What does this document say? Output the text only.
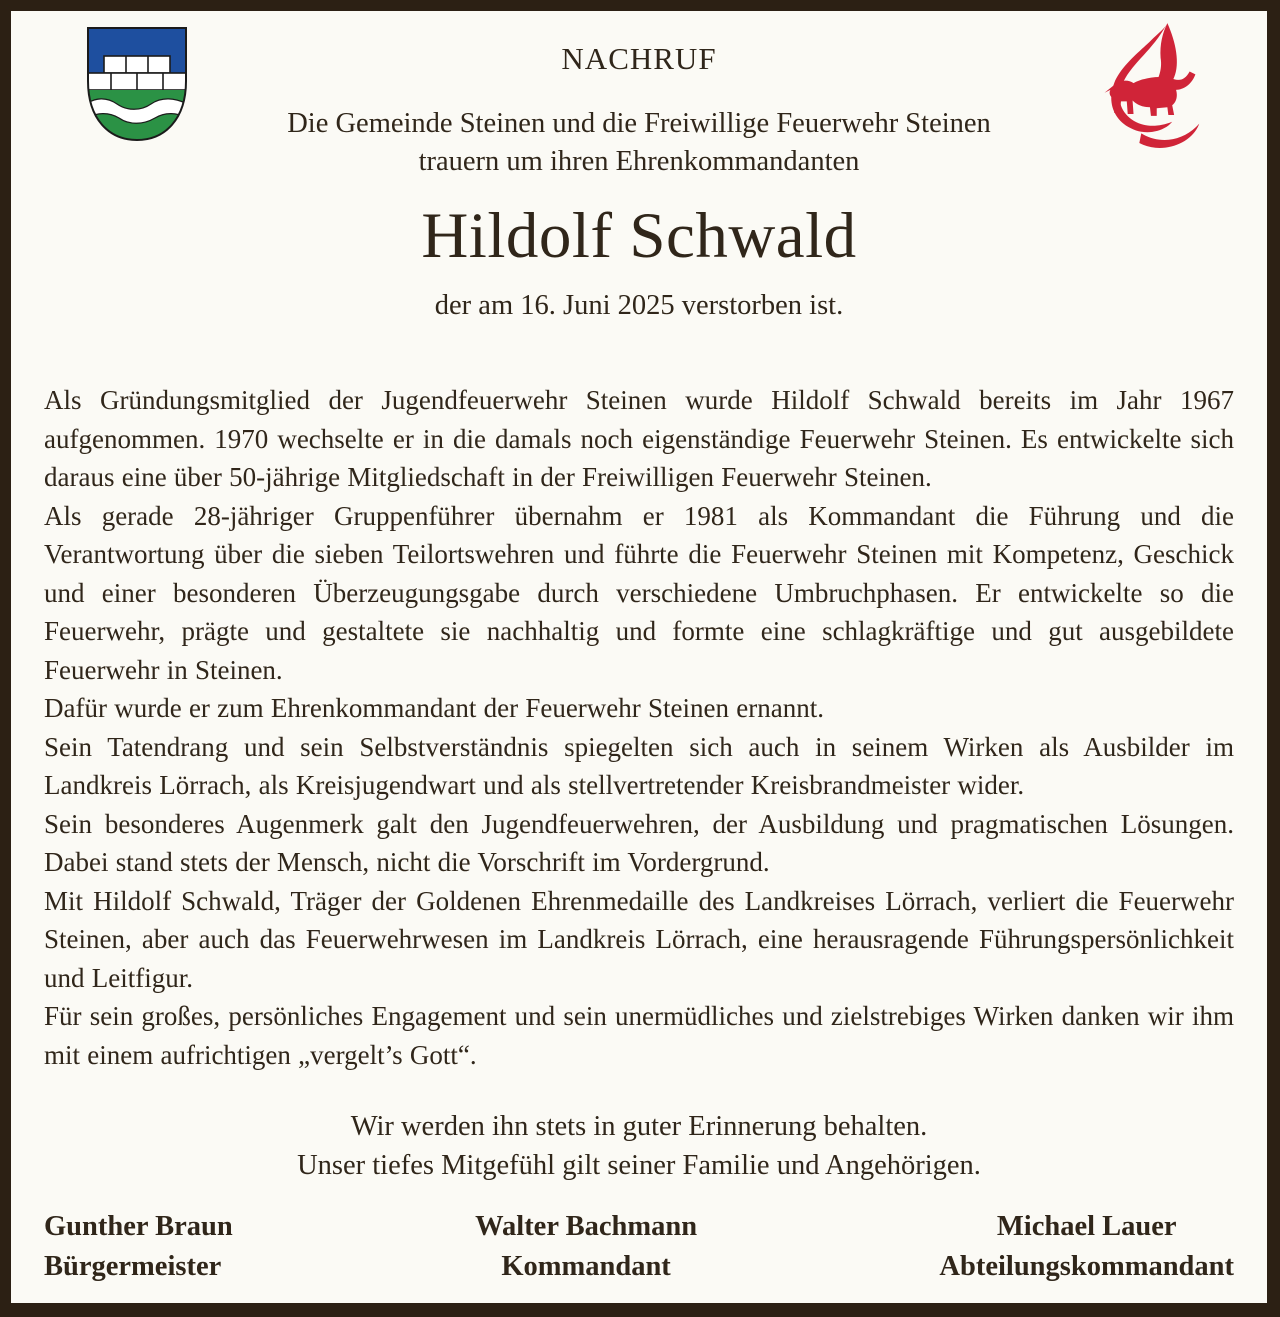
NACHRUF
Die Gemeinde Steinen und die Freiwillige Feuerwehr Steinen
trauern um ihren Ehrenkommandanten
Hildolf Schwald
der am 16. Juni 2025 verstorben ist.

Als Gründungsmitglied der Jugendfeuerwehr Steinen wurde Hildolf Schwald bereits im Jahr 1967 aufgenommen. 1970 wechselte er in die damals noch eigenständige Feuerwehr Steinen. Es entwickelte sich daraus eine über 50-jährige Mitgliedschaft in der Freiwilligen Feuerwehr Steinen.

Als gerade 28-jähriger Gruppenführer übernahm er 1981 als Kommandant die Führung und die Verantwortung über die sieben Teilortswehren und führte die Feuerwehr Steinen mit Kompetenz, Geschick und einer besonderen Überzeugungsgabe durch verschiedene Umbruchphasen. Er entwickelte so die Feuerwehr, prägte und gestaltete sie nachhaltig und formte eine schlagkräftige und gut ausgebildete Feuerwehr in Steinen.

Dafür wurde er zum Ehrenkommandant der Feuerwehr Steinen ernannt.

Sein Tatendrang und sein Selbstverständnis spiegelten sich auch in seinem Wirken als Ausbilder im Landkreis Lörrach, als Kreisjugendwart und als stellvertretender Kreisbrandmeister wider.

Sein besonderes Augenmerk galt den Jugendfeuerwehren, der Ausbildung und pragmatischen Lösungen. Dabei stand stets der Mensch, nicht die Vorschrift im Vordergrund.

Mit Hildolf Schwald, Träger der Goldenen Ehrenmedaille des Landkreises Lörrach, verliert die Feuerwehr Steinen, aber auch das Feuerwehrwesen im Landkreis Lörrach, eine herausragende Führungspersönlichkeit und Leitfigur.

Für sein großes, persönliches Engagement und sein unermüdliches und zielstrebiges Wirken danken wir ihm mit einem aufrichtigen „vergelt’s Gott“.

Wir werden ihn stets in guter Erinnerung behalten.
Unser tiefes Mitgefühl gilt seiner Familie und Angehörigen.
Gunther Braun
Bürgermeister
Walter Bachmann
Kommandant
Michael Lauer
Abteilungskommandant
